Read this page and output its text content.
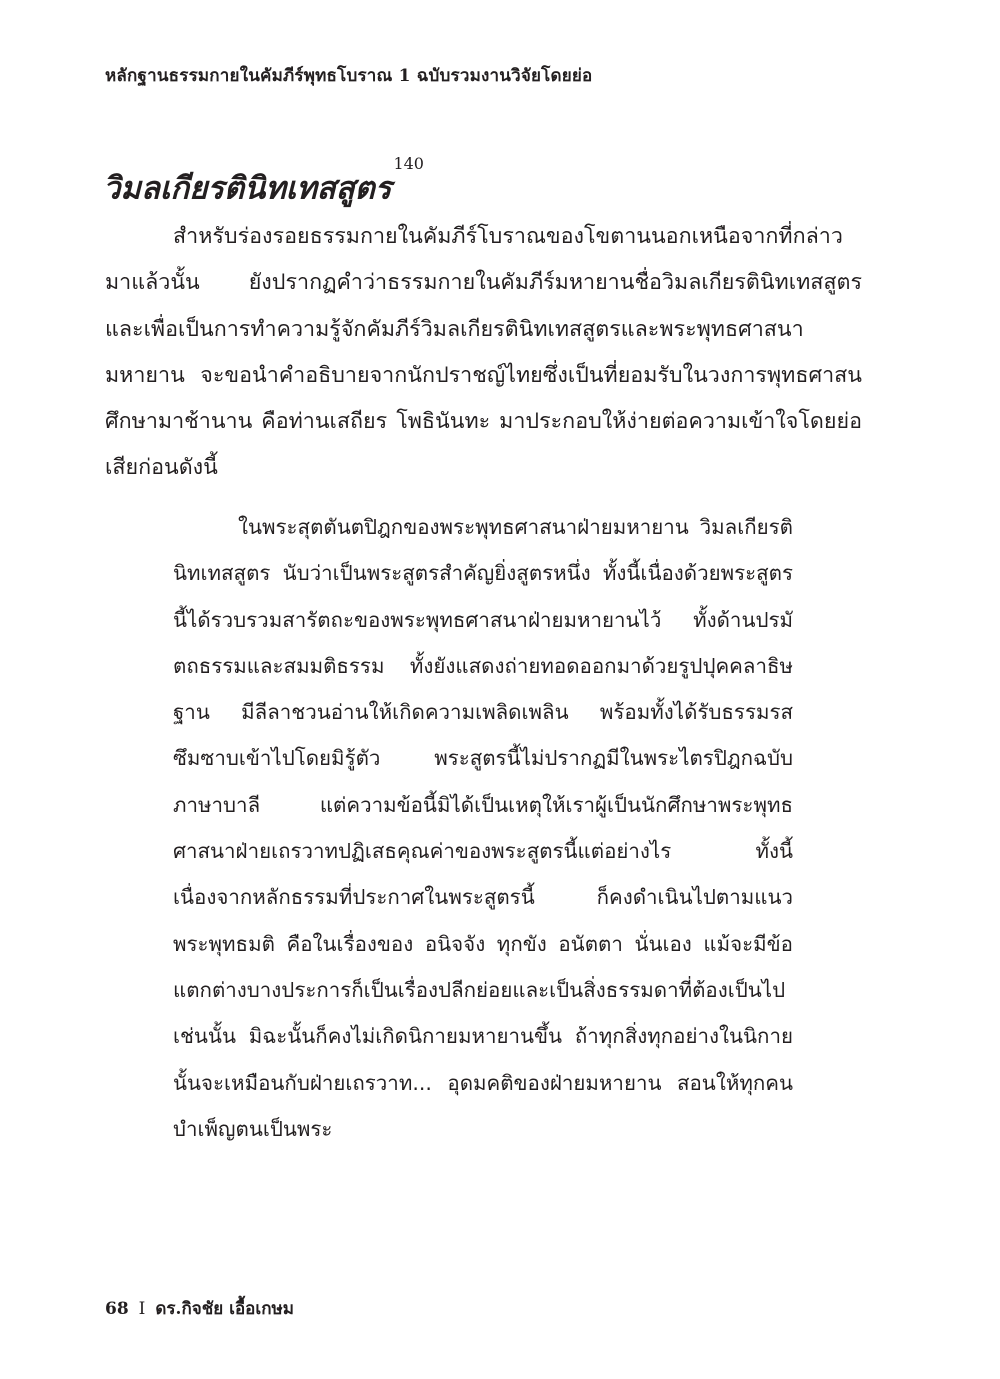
หลักฐานธรรมกายในคัมภีร์พุทธโบราณ 1 ฉบับรวมงานวิจัยโดยย่อ
วิมลเกียรตินิทเทสสูตร$^{140}$

สำหรับร่องรอยธรรมกายในคัมภีร์โบราณของโขตานนอกเหนือจากที่กล่าวมาแล้วนั้น ยังปรากฏคำว่าธรรมกายในคัมภีร์มหายานชื่อวิมลเกียรตินิทเทสสูตร และเพื่อเป็นการทำความรู้จักคัมภีร์วิมลเกียรตินิทเทสสูตรและพระพุทธศาสนามหายาน จะขอนำคำอธิบายจากนักปราชญ์ไทยซึ่งเป็นที่ยอมรับในวงการพุทธศาสนศึกษามาช้านาน คือท่านเสถียร โพธินันทะ มาประกอบให้ง่ายต่อความเข้าใจโดยย่อเสียก่อนดังนี้

ในพระสุตตันตปิฎกของพระพุทธศาสนาฝ่ายมหายาน วิมลเกียรตินิทเทสสูตร นับว่าเป็นพระสูตรสำคัญยิ่งสูตรหนึ่ง ทั้งนี้เนื่องด้วยพระสูตรนี้ได้รวบรวมสารัตถะของพระพุทธศาสนาฝ่ายมหายานไว้ ทั้งด้านปรมัตถธรรมและสมมติธรรม ทั้งยังแสดงถ่ายทอดออกมาด้วยรูปปุคคลาธิษฐาน มีลีลาชวนอ่านให้เกิดความเพลิดเพลิน พร้อมทั้งได้รับธรรมรสซึมซาบเข้าไปโดยมิรู้ตัว พระสูตรนี้ไม่ปรากฏมีในพระไตรปิฎกฉบับภาษาบาลี แต่ความข้อนี้มิได้เป็นเหตุให้เราผู้เป็นนักศึกษาพระพุทธศาสนาฝ่ายเถรวาทปฏิเสธคุณค่าของพระสูตรนี้แต่อย่างไร ทั้งนี้เนื่องจากหลักธรรมที่ประกาศในพระสูตรนี้ ก็คงดำเนินไปตามแนวพระพุทธมติ คือในเรื่องของ อนิจจัง ทุกขัง อนัตตา นั่นเอง แม้จะมีข้อแตกต่างบางประการก็เป็นเรื่องปลีกย่อยและเป็นสิ่งธรรมดาที่ต้องเป็นไปเช่นนั้น มิฉะนั้นก็คงไม่เกิดนิกายมหายานขึ้น ถ้าทุกสิ่งทุกอย่างในนิกายนั้นจะเหมือนกับฝ่ายเถรวาท... อุดมคติของฝ่ายมหายาน สอนให้ทุกคนบำเพ็ญตนเป็นพระ

68 I ดร.กิจชัย เอื้อเกษม
